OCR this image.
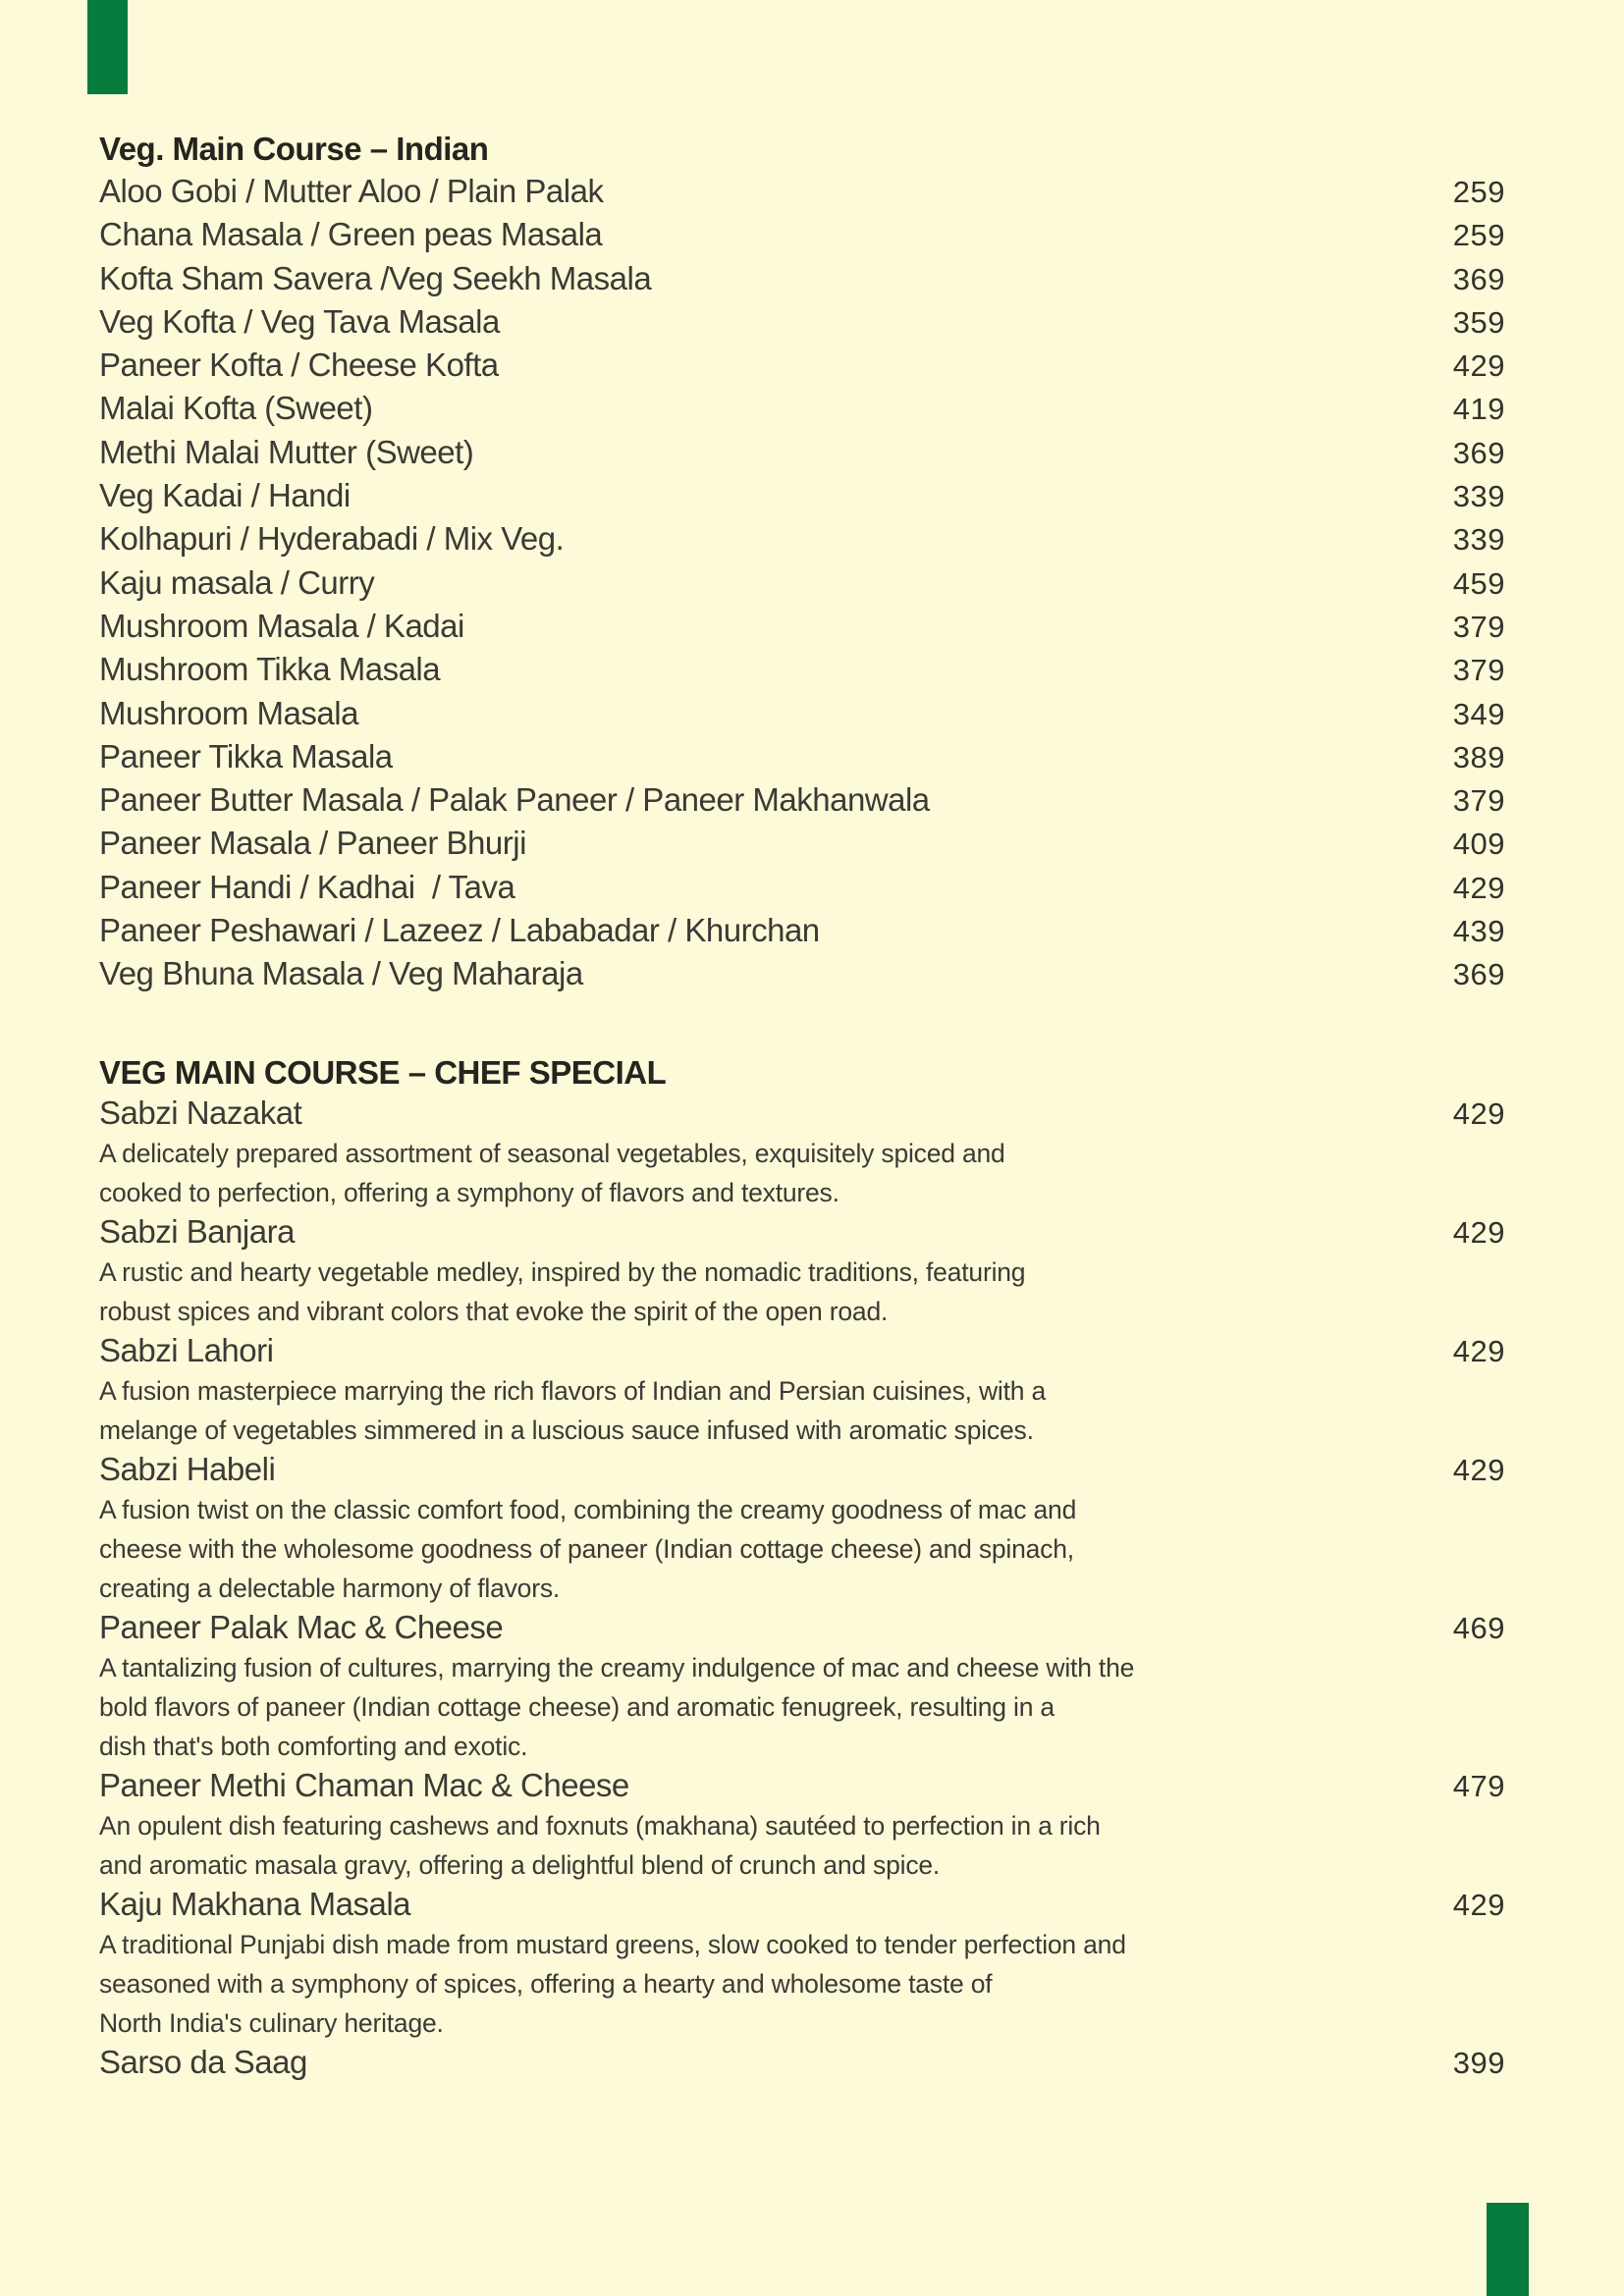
Veg. Main Course – Indian
Aloo Gobi / Mutter Aloo / Plain Palak	259
Chana Masala / Green peas Masala	259
Kofta Sham Savera /Veg Seekh Masala	369
Veg Kofta / Veg Tava Masala	359
Paneer Kofta / Cheese Kofta	429
Malai Kofta (Sweet)	419
Methi Malai Mutter (Sweet)	369
Veg Kadai / Handi	339
Kolhapuri / Hyderabadi / Mix Veg.	339
Kaju masala / Curry	459
Mushroom Masala / Kadai	379
Mushroom Tikka Masala	379
Mushroom Masala	349
Paneer Tikka Masala	389
Paneer Butter Masala / Palak Paneer / Paneer Makhanwala	379
Paneer Masala / Paneer Bhurji	409
Paneer Handi / Kadhai  / Tava	429
Paneer Peshawari / Lazeez / Lababadar / Khurchan	439
Veg Bhuna Masala / Veg Maharaja	369
VEG MAIN COURSE – CHEF SPECIAL
Sabzi Nazakat	429
A delicately prepared assortment of seasonal vegetables, exquisitely spiced and
cooked to perfection, offering a symphony of flavors and textures.
Sabzi Banjara	429
A rustic and hearty vegetable medley, inspired by the nomadic traditions, featuring
robust spices and vibrant colors that evoke the spirit of the open road.
Sabzi Lahori	429
A fusion masterpiece marrying the rich flavors of Indian and Persian cuisines, with a
melange of vegetables simmered in a luscious sauce infused with aromatic spices.
Sabzi Habeli	429
A fusion twist on the classic comfort food, combining the creamy goodness of mac and
cheese with the wholesome goodness of paneer (Indian cottage cheese) and spinach,
creating a delectable harmony of flavors.
Paneer Palak Mac & Cheese	469
A tantalizing fusion of cultures, marrying the creamy indulgence of mac and cheese with the
bold flavors of paneer (Indian cottage cheese) and aromatic fenugreek, resulting in a
dish that's both comforting and exotic.
Paneer Methi Chaman Mac & Cheese	479
An opulent dish featuring cashews and foxnuts (makhana) sautéed to perfection in a rich
and aromatic masala gravy, offering a delightful blend of crunch and spice.
Kaju Makhana Masala	429
A traditional Punjabi dish made from mustard greens, slow cooked to tender perfection and
seasoned with a symphony of spices, offering a hearty and wholesome taste of
North India's culinary heritage.
Sarso da Saag	399
